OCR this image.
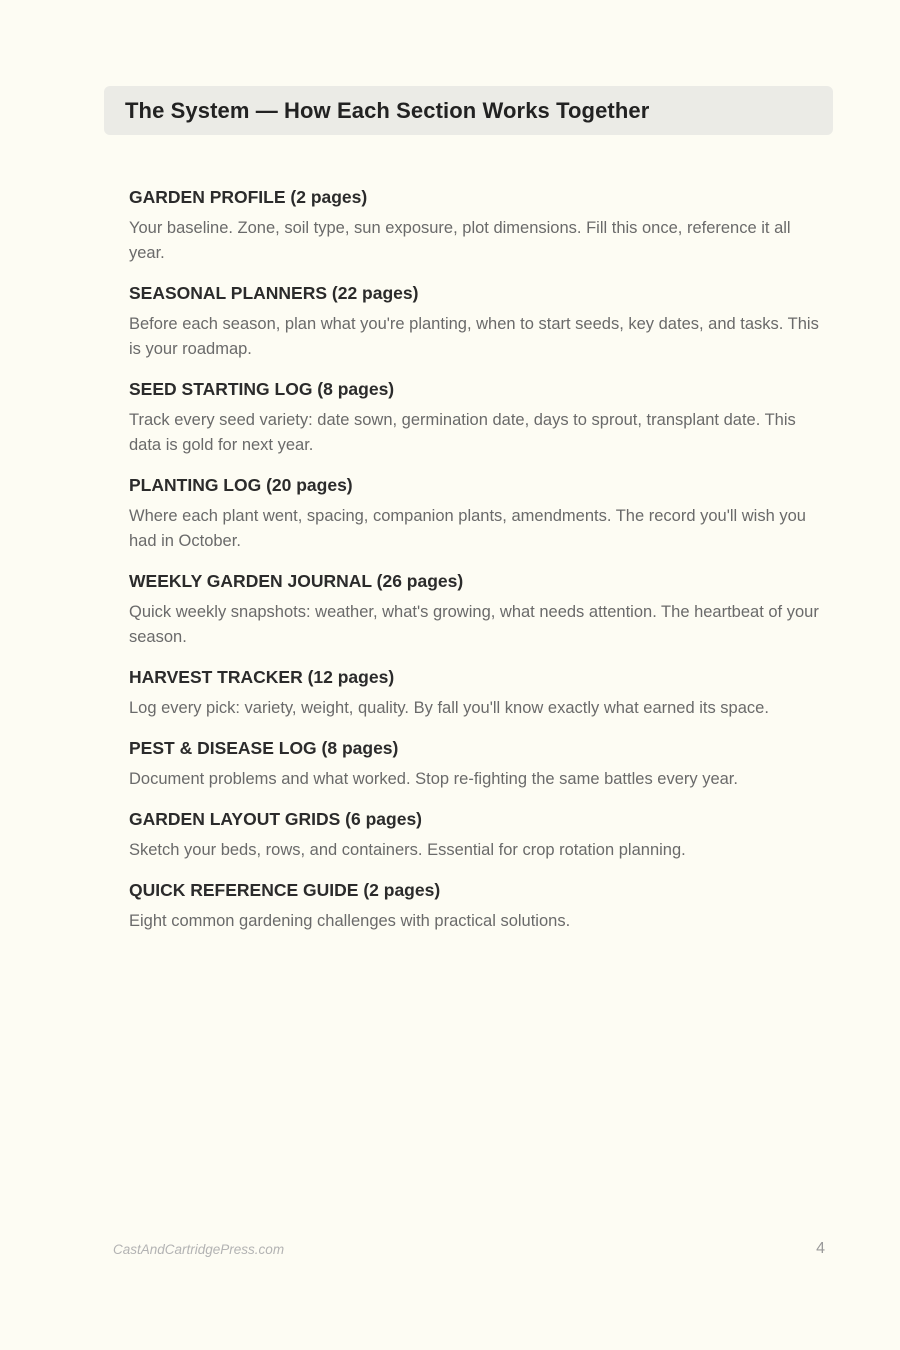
The System — How Each Section Works Together
GARDEN PROFILE (2 pages)

Your baseline. Zone, soil type, sun exposure, plot dimensions. Fill this once, reference it all year.

SEASONAL PLANNERS (22 pages)

Before each season, plan what you're planting, when to start seeds, key dates, and tasks. This is your roadmap.

SEED STARTING LOG (8 pages)

Track every seed variety: date sown, germination date, days to sprout, transplant date. This data is gold for next year.

PLANTING LOG (20 pages)

Where each plant went, spacing, companion plants, amendments. The record you'll wish you had in October.

WEEKLY GARDEN JOURNAL (26 pages)

Quick weekly snapshots: weather, what's growing, what needs attention. The heartbeat of your season.

HARVEST TRACKER (12 pages)

Log every pick: variety, weight, quality. By fall you'll know exactly what earned its space.

PEST & DISEASE LOG (8 pages)

Document problems and what worked. Stop re-fighting the same battles every year.

GARDEN LAYOUT GRIDS (6 pages)

Sketch your beds, rows, and containers. Essential for crop rotation planning.

QUICK REFERENCE GUIDE (2 pages)

Eight common gardening challenges with practical solutions.

CastAndCartridgePress.com	4
